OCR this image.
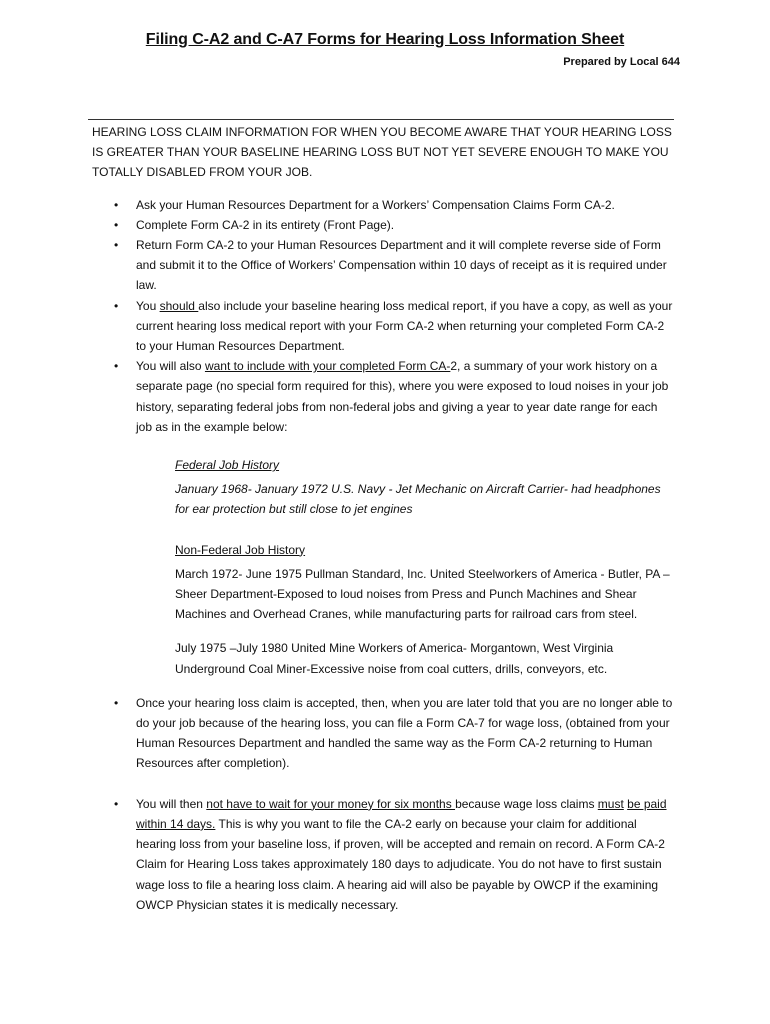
Filing C-A2 and C-A7 Forms for Hearing Loss Information Sheet
Prepared by Local 644

HEARING LOSS CLAIM INFORMATION FOR WHEN YOU BECOME AWARE THAT YOUR HEARING LOSS IS GREATER THAN YOUR BASELINE HEARING LOSS BUT NOT YET SEVERE ENOUGH TO MAKE YOU TOTALLY DISABLED FROM YOUR JOB.

•	Ask your Human Resources Department for a Workers’ Compensation Claims Form CA-2.
•	Complete Form CA-2 in its entirety (Front Page).
•	Return Form CA-2 to your Human Resources Department and it will complete reverse side of Form and submit it to the Office of Workers’ Compensation within 10 days of receipt as it is required under law.
•	You should also include your baseline hearing loss medical report, if you have a copy, as well as your current hearing loss medical report with your Form CA-2 when returning your completed Form CA-2 to your Human Resources Department.
•	You will also want to include with your completed Form CA-2, a summary of your work history on a separate page (no special form required for this), where you were exposed to loud noises in your job history, separating federal jobs from non-federal jobs and giving a year to year date range for each job as in the example below:

Federal Job History

January 1968- January 1972 U.S. Navy - Jet Mechanic on Aircraft Carrier- had headphones for ear protection but still close to jet engines

Non-Federal Job History

March 1972- June 1975 Pullman Standard, Inc. United Steelworkers of America - Butler, PA – Sheer Department-Exposed to loud noises from Press and Punch Machines and Shear Machines and Overhead Cranes, while manufacturing parts for railroad cars from steel.

July 1975 –July 1980 United Mine Workers of America- Morgantown, West Virginia Underground Coal Miner-Excessive noise from coal cutters, drills, conveyors, etc.

•	Once your hearing loss claim is accepted, then, when you are later told that you are no longer able to do your job because of the hearing loss, you can file a Form CA-7 for wage loss, (obtained from your Human Resources Department and handled the same way as the Form CA-2 returning to Human Resources after completion).
•	You will then not have to wait for your money for six months because wage loss claims must be paid within 14 days. This is why you want to file the CA-2 early on because your claim for additional hearing loss from your baseline loss, if proven, will be accepted and remain on record. A Form CA-2 Claim for Hearing Loss takes approximately 180 days to adjudicate. You do not have to first sustain wage loss to file a hearing loss claim. A hearing aid will also be payable by OWCP if the examining OWCP Physician states it is medically necessary.
